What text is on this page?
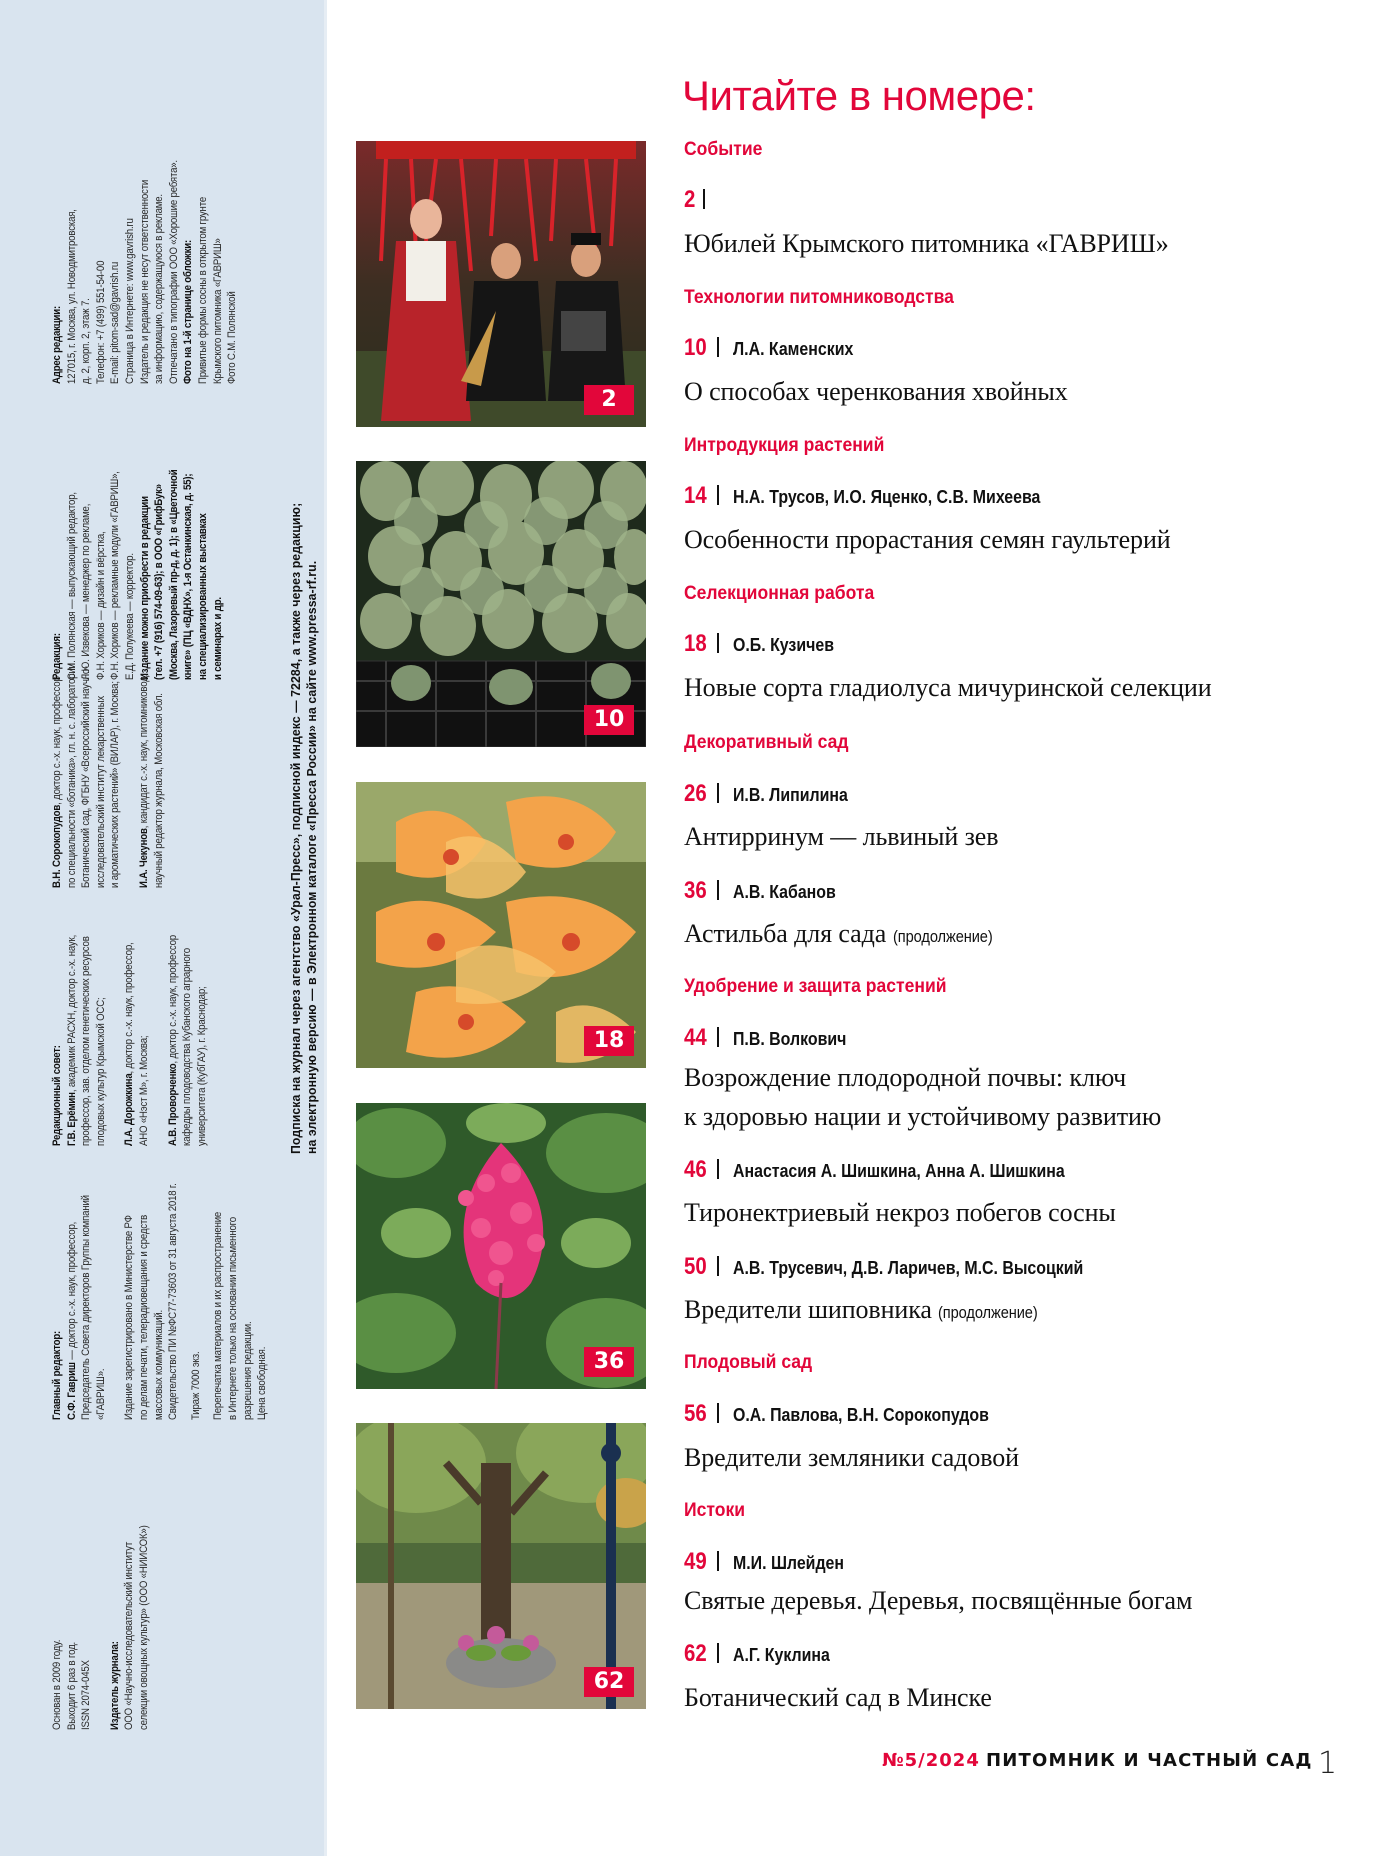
Основан в 2009 году. Выходит 6 раз в год. ISSN 2074-045X Издатель журнала: ООО «Научно-исследовательский институт селекции овощных культур» (ООО «НИИСОК»)

Главный редактор: С.Ф. Гавриш — доктор с.-х. наук, профессор, Председатель Совета директоров Группы компаний «ГАВРИШ». Издание зарегистрировано в Министерстве РФ по делам печати, телерадиовещания и средств массовых коммуникаций. Свидетельство ПИ №ФС77-73603 от 31 августа 2018 г. Тираж 7000 экз. Перепечатка материалов и их распространение в Интернете только на основании письменного разрешения редакции. Цена свободная.

Редакционный совет: Г.В. Ерёмин, академик РАСХН, доктор с.-х. наук, профессор, зав. отделом генетических ресурсов плодовых культур Крымской ОСС; Л.А. Дорожкина, доктор с.-х. наук, профессор,

АНО «Нэст М», г. Москва; А.В. Проворченко, доктор с.-х. наук, профессор кафедры плодоводства Кубанского аграрного университета (КубГАУ), г. Краснодар;

В.Н. Сорокопудов, доктор с.-х. наук, профессор по специальности «ботаника», гл. н. с. лаборатории Ботанический сад, ФГБНУ «Всероссийский научно- исследовательский институт лекарственных и ароматических растений» (ВИЛАР), г. Москва; И.А. Чекунов, кандидат с.-х. наук, питомниковод, научный редактор журнала, Московская обл.

Редакция: С.М. Полянская — выпускающий редактор, Л.Ю. Извекова — менеджер по рекламе, Ф.Н. Хориков — дизайн и вёрстка, Ф.Н. Хориков — рекламные модули «ГАВРИШ», Е.Д. Полукеева — корректор. Издание можно приобрести в редакции (тел. +7 (916) 574-09-63); в ООО «ГрифБук» (Москва, Лазоревый пр-д, д. 1); в «Цветочной книге» (ПЦ «ВДНХ», 1-я Останкинская, д. 55); на специализированных выставках и семинарах и др.

Адрес редакции: 127015, г. Москва, ул. Новодмитровская, д. 2, корп. 2, этаж 7. Телефон: +7 (499) 551-54-00 E-mail: pitom-sad@gavrish.ru Страница в Интернете: www.gavrish.ru Издатель и редакция не несут ответственности за информацию, содержащуюся в рекламе. Отпечатано в типографии ООО «Хорошие ребята». Фото на 1-й странице обложки: Привитые формы сосны в открытом грунте Крымского питомника «ГАВРИШ» Фото С.М. Полянской

Подписка на журнал через агентство «Урал-Пресс», подписной индекс — 72284, а также через редакцию; на электронную версию — в Электронном каталоге «Пресса России» на сайте www.pressa-rf.ru.

2
10
18
36
62
Читайте в номере:
Событие
2
Юбилей Крымского питомника «ГАВРИШ»
Технологии питомниководства
10 Л.А. Каменских
О способах черенкования хвойных
Интродукция растений
14 Н.А. Трусов, И.О. Яценко, С.В. Михеева
Особенности прорастания семян гаультерий
Селекционная работа
18 О.Б. Кузичев
Новые сорта гладиолуса мичуринской селекции
Декоративный сад
26 И.В. Липилина
Антирринум — львиный зев
36 А.В. Кабанов
Астильба для сада (продолжение)
Удобрение и защита растений
44 П.В. Волкович
Возрождение плодородной почвы: ключ
к здоровью нации и устойчивому развитию
46 Анастасия А. Шишкина, Анна А. Шишкина
Тиронектриевый некроз побегов сосны
50 А.В. Трусевич, Д.В. Ларичев, М.С. Высоцкий
Вредители шиповника (продолжение)
Плодовый сад
56 О.А. Павлова, В.Н. Сорокопудов
Вредители земляники садовой
Истоки
49 М.И. Шлейден
Святые деревья. Деревья, посвящённые богам
62 А.Г. Куклина
Ботанический сад в Минске
№5/2024 ПИТОМНИК И ЧАСТНЫЙ САД 1
